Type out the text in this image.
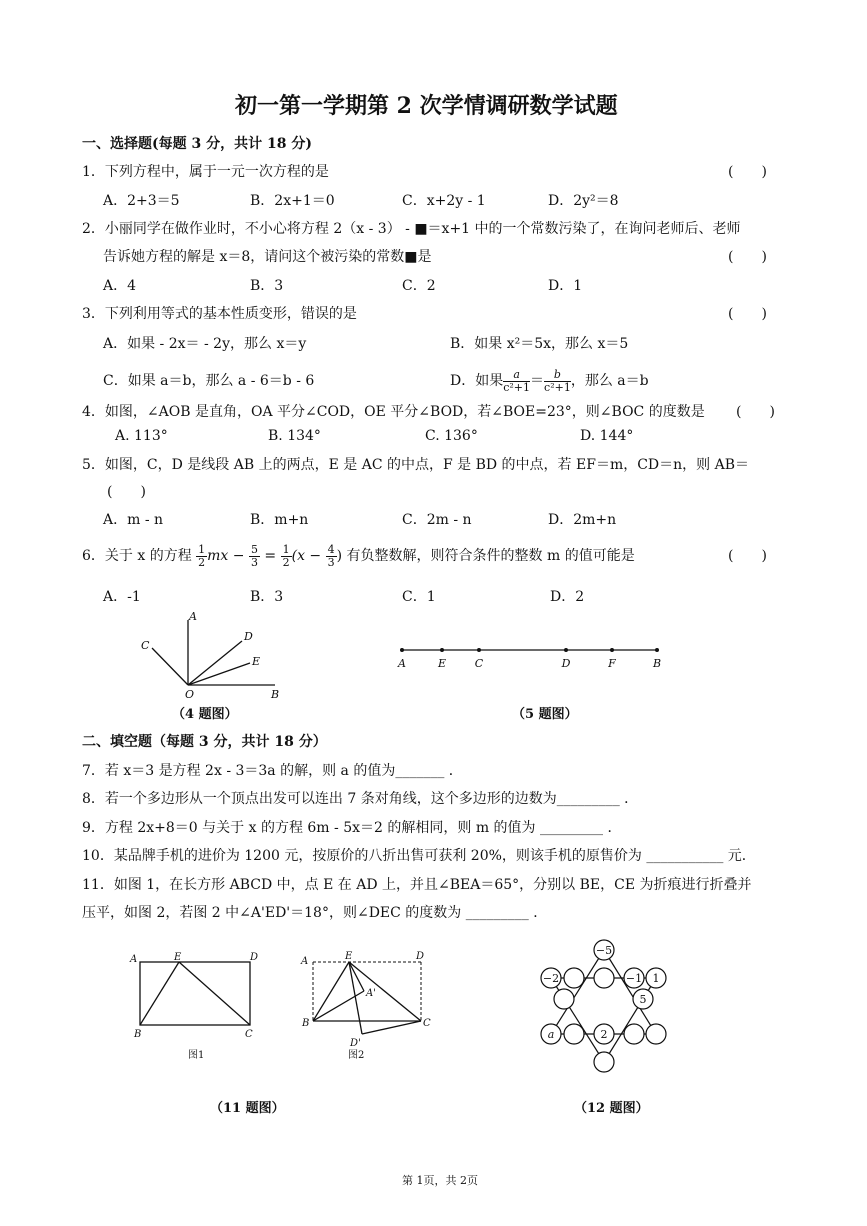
初一第一学期第 2 次学情调研数学试题
一、选择题(每题 3 分，共计 18 分)
1．下列方程中，属于一元一次方程的是	(　　)
A．2+3＝5	B．2x+1＝0	C．x+2y - 1	D．2y²＝8
2．小丽同学在做作业时，不小心将方程 2（x - 3） - ■＝x+1 中的一个常数污染了，在询问老师后、老师
告诉她方程的解是 x＝8，请问这个被污染的常数■是	(　　)
A．4	B．3	C．2	D．1
3．下列利用等式的基本性质变形，错误的是	(　　)
A．如果 - 2x＝ - 2y，那么 x＝y	B．如果 x²＝5x，那么 x＝5
C．如果 a＝b，那么 a - 6＝b - 6	D．如果 $\frac{a}{\text{c²+1}} = \frac{b}{\text{c²+1}}$ ，那么 a＝b
4．如图，∠AOB 是直角，OA 平分∠COD，OE 平分∠BOD，若∠BOE=23°，则∠BOC 的度数是 (　　)
A. 113°	B. 134°	C. 136°	D. 144°
5．如图，C，D 是线段 AB 上的两点，E 是 AC 的中点，F 是 BD 的中点，若 EF＝m，CD＝n，则 AB＝
(　　)
A．m - n	B．m+n	C．2m - n	D．2m+n
6．关于 x 的方程 $\frac{1}{2}$ mx − $\frac{5}{3} = \frac{1}{2} (x - \frac{4}{3}$ ) 有负整数解，则符合条件的整数 m 的值可能是	(　　)
A．-1	B．3	C．1	D．2
A
C
D
E
O	B
（4 题图）
A	E	C	D	F	B
（5 题图）
二、填空题（每题 3 分，共计 18 分）
7．若 x＝3 是方程 2x - 3＝3a 的解，则 a 的值为_______ ．
8．若一个多边形从一个顶点出发可以连出 7 条对角线，这个多边形的边数为_________ ．
9．方程 2x+8＝0 与关于 x 的方程 6m - 5x＝2 的解相同，则 m 的值为 _________ ．
10．某品牌手机的进价为 1200 元，按原价的八折出售可获利 20%，则该手机的原售价为 ___________ 元．
11．如图 1，在长方形 ABCD 中，点 E 在 AD 上，并且∠BEA＝65°，分别以 BE，CE 为折痕进行折叠并
压平，如图 2，若图 2 中∠A'ED'＝18°，则∠DEC 的度数为 _________ ．
A	E	D
B	C
图1
A	E	D
A'
B	C
D'
图2
（11 题图）
−5
−2	−1 1
5
a	2
（12 题图）
第 1页，共 2页
